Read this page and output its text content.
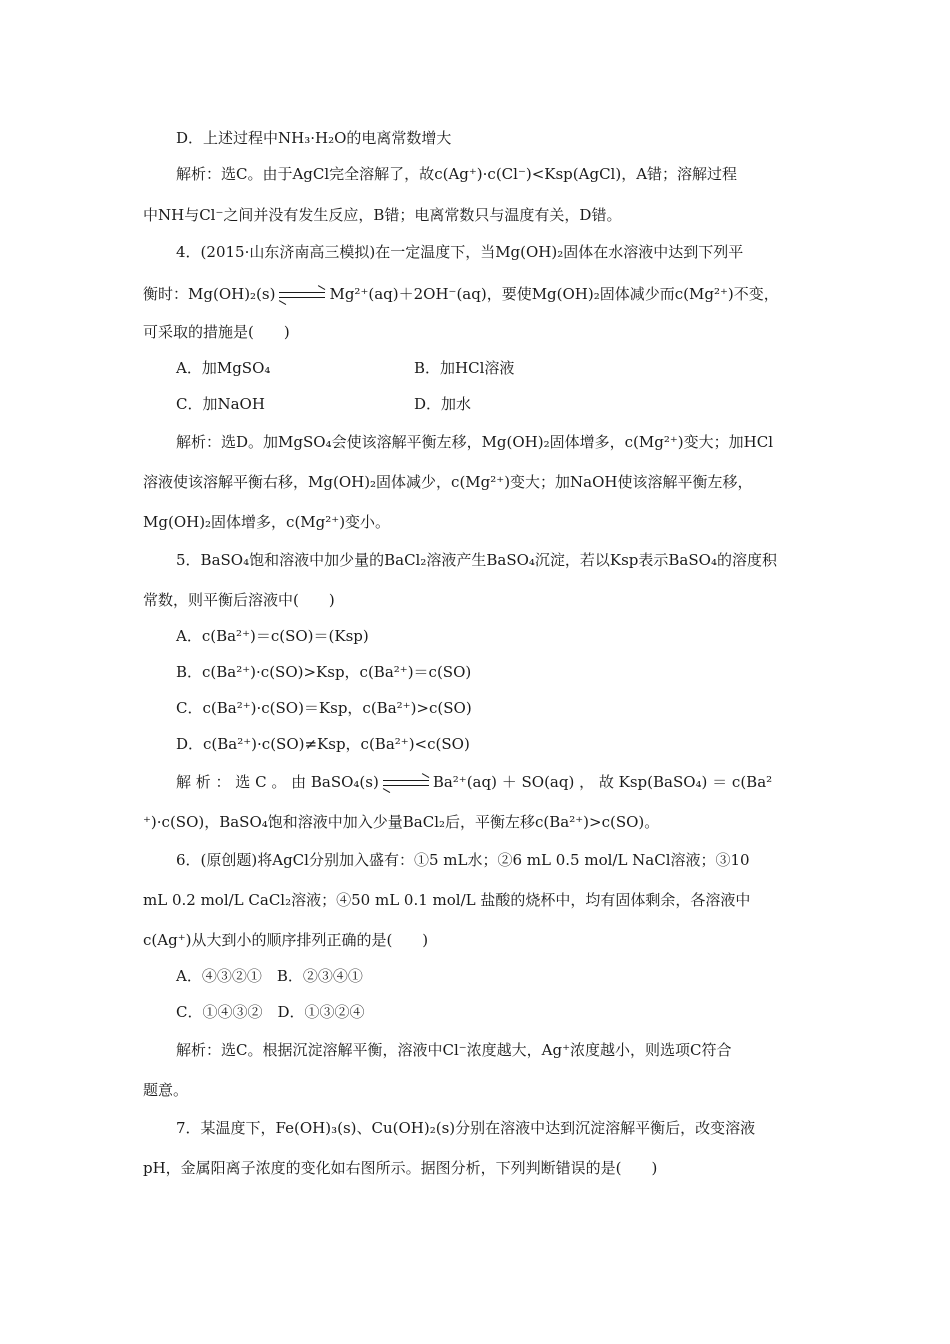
D．上述过程中NH₃·H₂O的电离常数增大
解析：选C。由于AgCl完全溶解了，故c(Ag⁺)·c(Cl⁻)<Ksp(AgCl)，A错；溶解过程
中NH与Cl⁻之间并没有发生反应，B错；电离常数只与温度有关，D错。
4．(2015·山东济南高三模拟)在一定温度下，当Mg(OH)₂固体在水溶液中达到下列平
衡时：Mg(OH)₂(s)	Mg²⁺(aq)＋2OH⁻(aq)，要使Mg(OH)₂固体减少而c(Mg²⁺)不变，
可采取的措施是(　　)
A．加MgSO₄	B．加HCl溶液
C．加NaOH	D．加水
解析：选D。加MgSO₄会使该溶解平衡左移，Mg(OH)₂固体增多，c(Mg²⁺)变大；加HCl
溶液使该溶解平衡右移，Mg(OH)₂固体减少，c(Mg²⁺)变大；加NaOH使该溶解平衡左移，
Mg(OH)₂固体增多，c(Mg²⁺)变小。
5．BaSO₄饱和溶液中加少量的BaCl₂溶液产生BaSO₄沉淀，若以Ksp表示BaSO₄的溶度积
常数，则平衡后溶液中(　　)
A．c(Ba²⁺)＝c(SO)＝(Ksp)
B．c(Ba²⁺)·c(SO)>Ksp，c(Ba²⁺)＝c(SO)
C．c(Ba²⁺)·c(SO)＝Ksp，c(Ba²⁺)>c(SO)
D．c(Ba²⁺)·c(SO)≠Ksp，c(Ba²⁺)<c(SO)
解 析 ： 选 C 。 由 BaSO₄(s)	Ba²⁺(aq) ＋ SO(aq) ， 故 Ksp(BaSO₄) ＝ c(Ba²
⁺)·c(SO)，BaSO₄饱和溶液中加入少量BaCl₂后，平衡左移c(Ba²⁺)>c(SO)。
6．(原创题)将AgCl分别加入盛有：①5 mL水；②6 mL 0.5 mol/L NaCl溶液；③10
mL 0.2 mol/L CaCl₂溶液；④50 mL 0.1 mol/L 盐酸的烧杯中，均有固体剩余，各溶液中
c(Ag⁺)从大到小的顺序排列正确的是(　　)
A．④③②①　B．②③④①
C．①④③②　D．①③②④
解析：选C。根据沉淀溶解平衡，溶液中Cl⁻浓度越大，Ag⁺浓度越小，则选项C符合
题意。
7．某温度下，Fe(OH)₃(s)、Cu(OH)₂(s)分别在溶液中达到沉淀溶解平衡后，改变溶液
pH，金属阳离子浓度的变化如右图所示。据图分析，下列判断错误的是(　　)
